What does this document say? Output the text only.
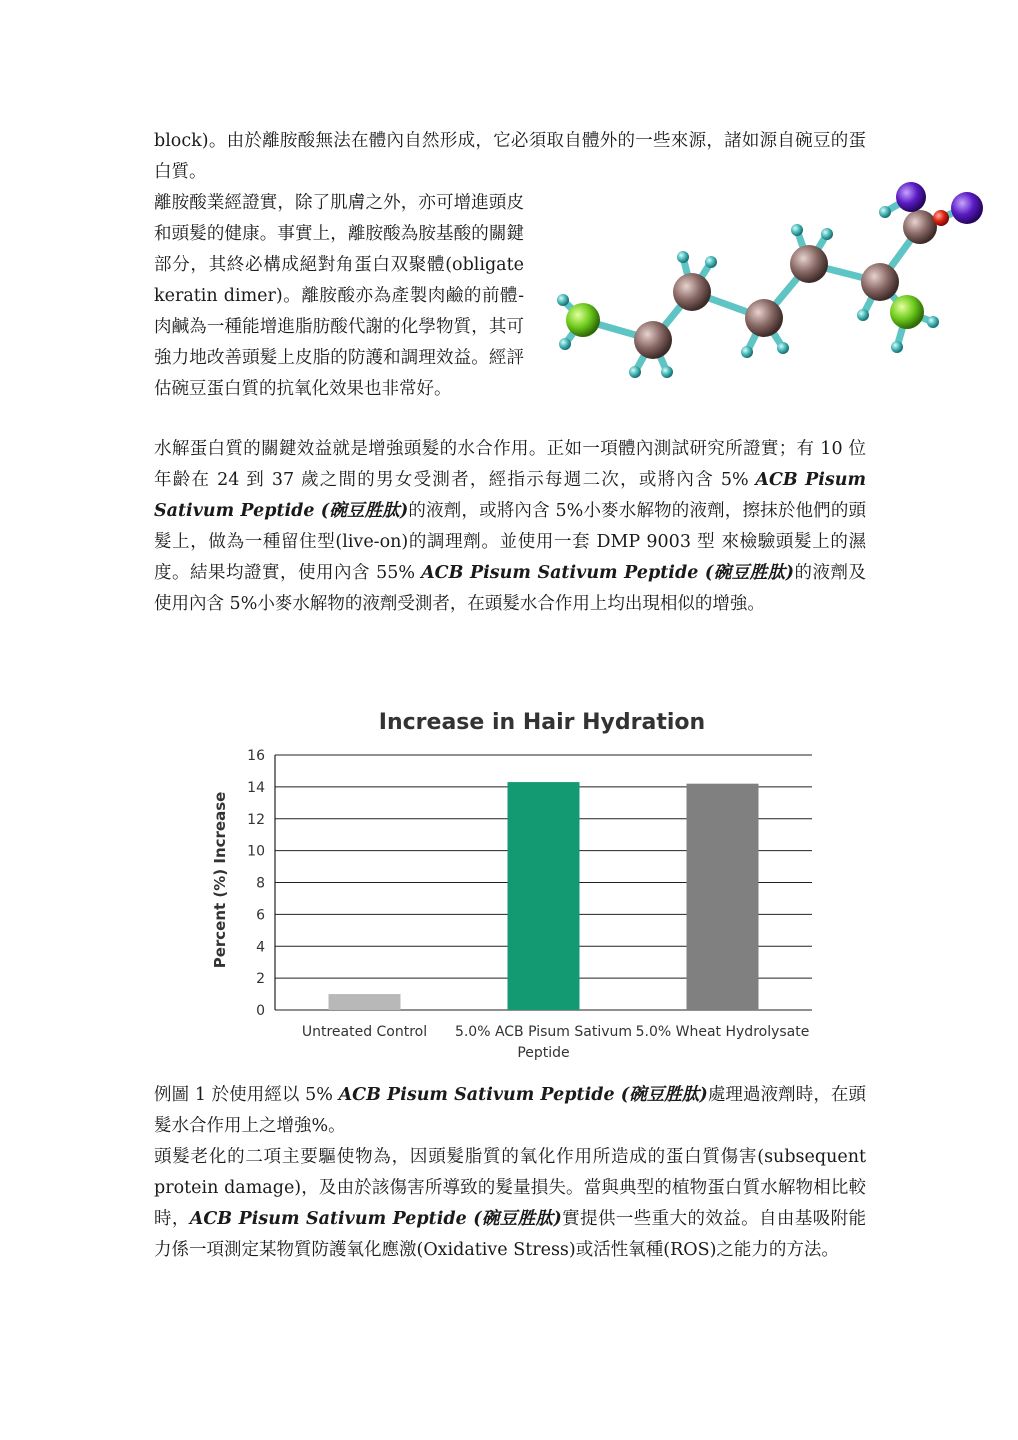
block)。由於離胺酸無法在體內自然形成，它必須取自體外的一些來源，諸如源自碗豆的蛋白質。

離胺酸業經證實，除了肌膚之外，亦可增進頭皮和頭髮的健康。事實上，離胺酸為胺基酸的關鍵部分，其終必構成絕對角蛋白双聚體(obligate keratin dimer)。離胺酸亦為產製肉鹼的前體- 肉鹹為一種能增進脂肪酸代謝的化學物質，其可強力地改善頭髮上皮脂的防護和調理效益。經評估碗豆蛋白質的抗氧化效果也非常好。

水解蛋白質的關鍵效益就是增強頭髮的水合作用。正如一項體內測試研究所證實；有 10 位年齡在 24 到 37 歲之間的男女受測者，經指示每週二次，或將內含 5% ACB Pisum Sativum Peptide (碗豆胜肽)的液劑，或將內含 5%小麥水解物的液劑，擦抹於他們的頭髮上，做為一種留住型(live-on)的調理劑。並使用一套 DMP 9003 型 來檢驗頭髮上的濕度。結果均證實，使用內含 55% ACB Pisum Sativum Peptide (碗豆胜肽)的液劑及使用內含 5%小麥水解物的液劑受測者，在頭髮水合作用上均出現相似的增強。

Increase in Hair Hydration
Percent (%) Increase
0
2
4
6
8
10
12
14
16
Untreated Control 5.0% ACB Pisum Sativum
Peptide
5.0% Wheat Hydrolysate

例圖 1 於使用經以 5% ACB Pisum Sativum Peptide (碗豆胜肽)處理過液劑時，在頭髮水合作用上之增強%。

頭髮老化的二項主要驅使物為，因頭髮脂質的氧化作用所造成的蛋白質傷害(subsequent protein damage)，及由於該傷害所導致的髮量損失。當與典型的植物蛋白質水解物相比較時，ACB Pisum Sativum Peptide (碗豆胜肽)實提供一些重大的效益。自由基吸附能力係一項測定某物質防護氧化應激(Oxidative Stress)或活性氧種(ROS)之能力的方法。
